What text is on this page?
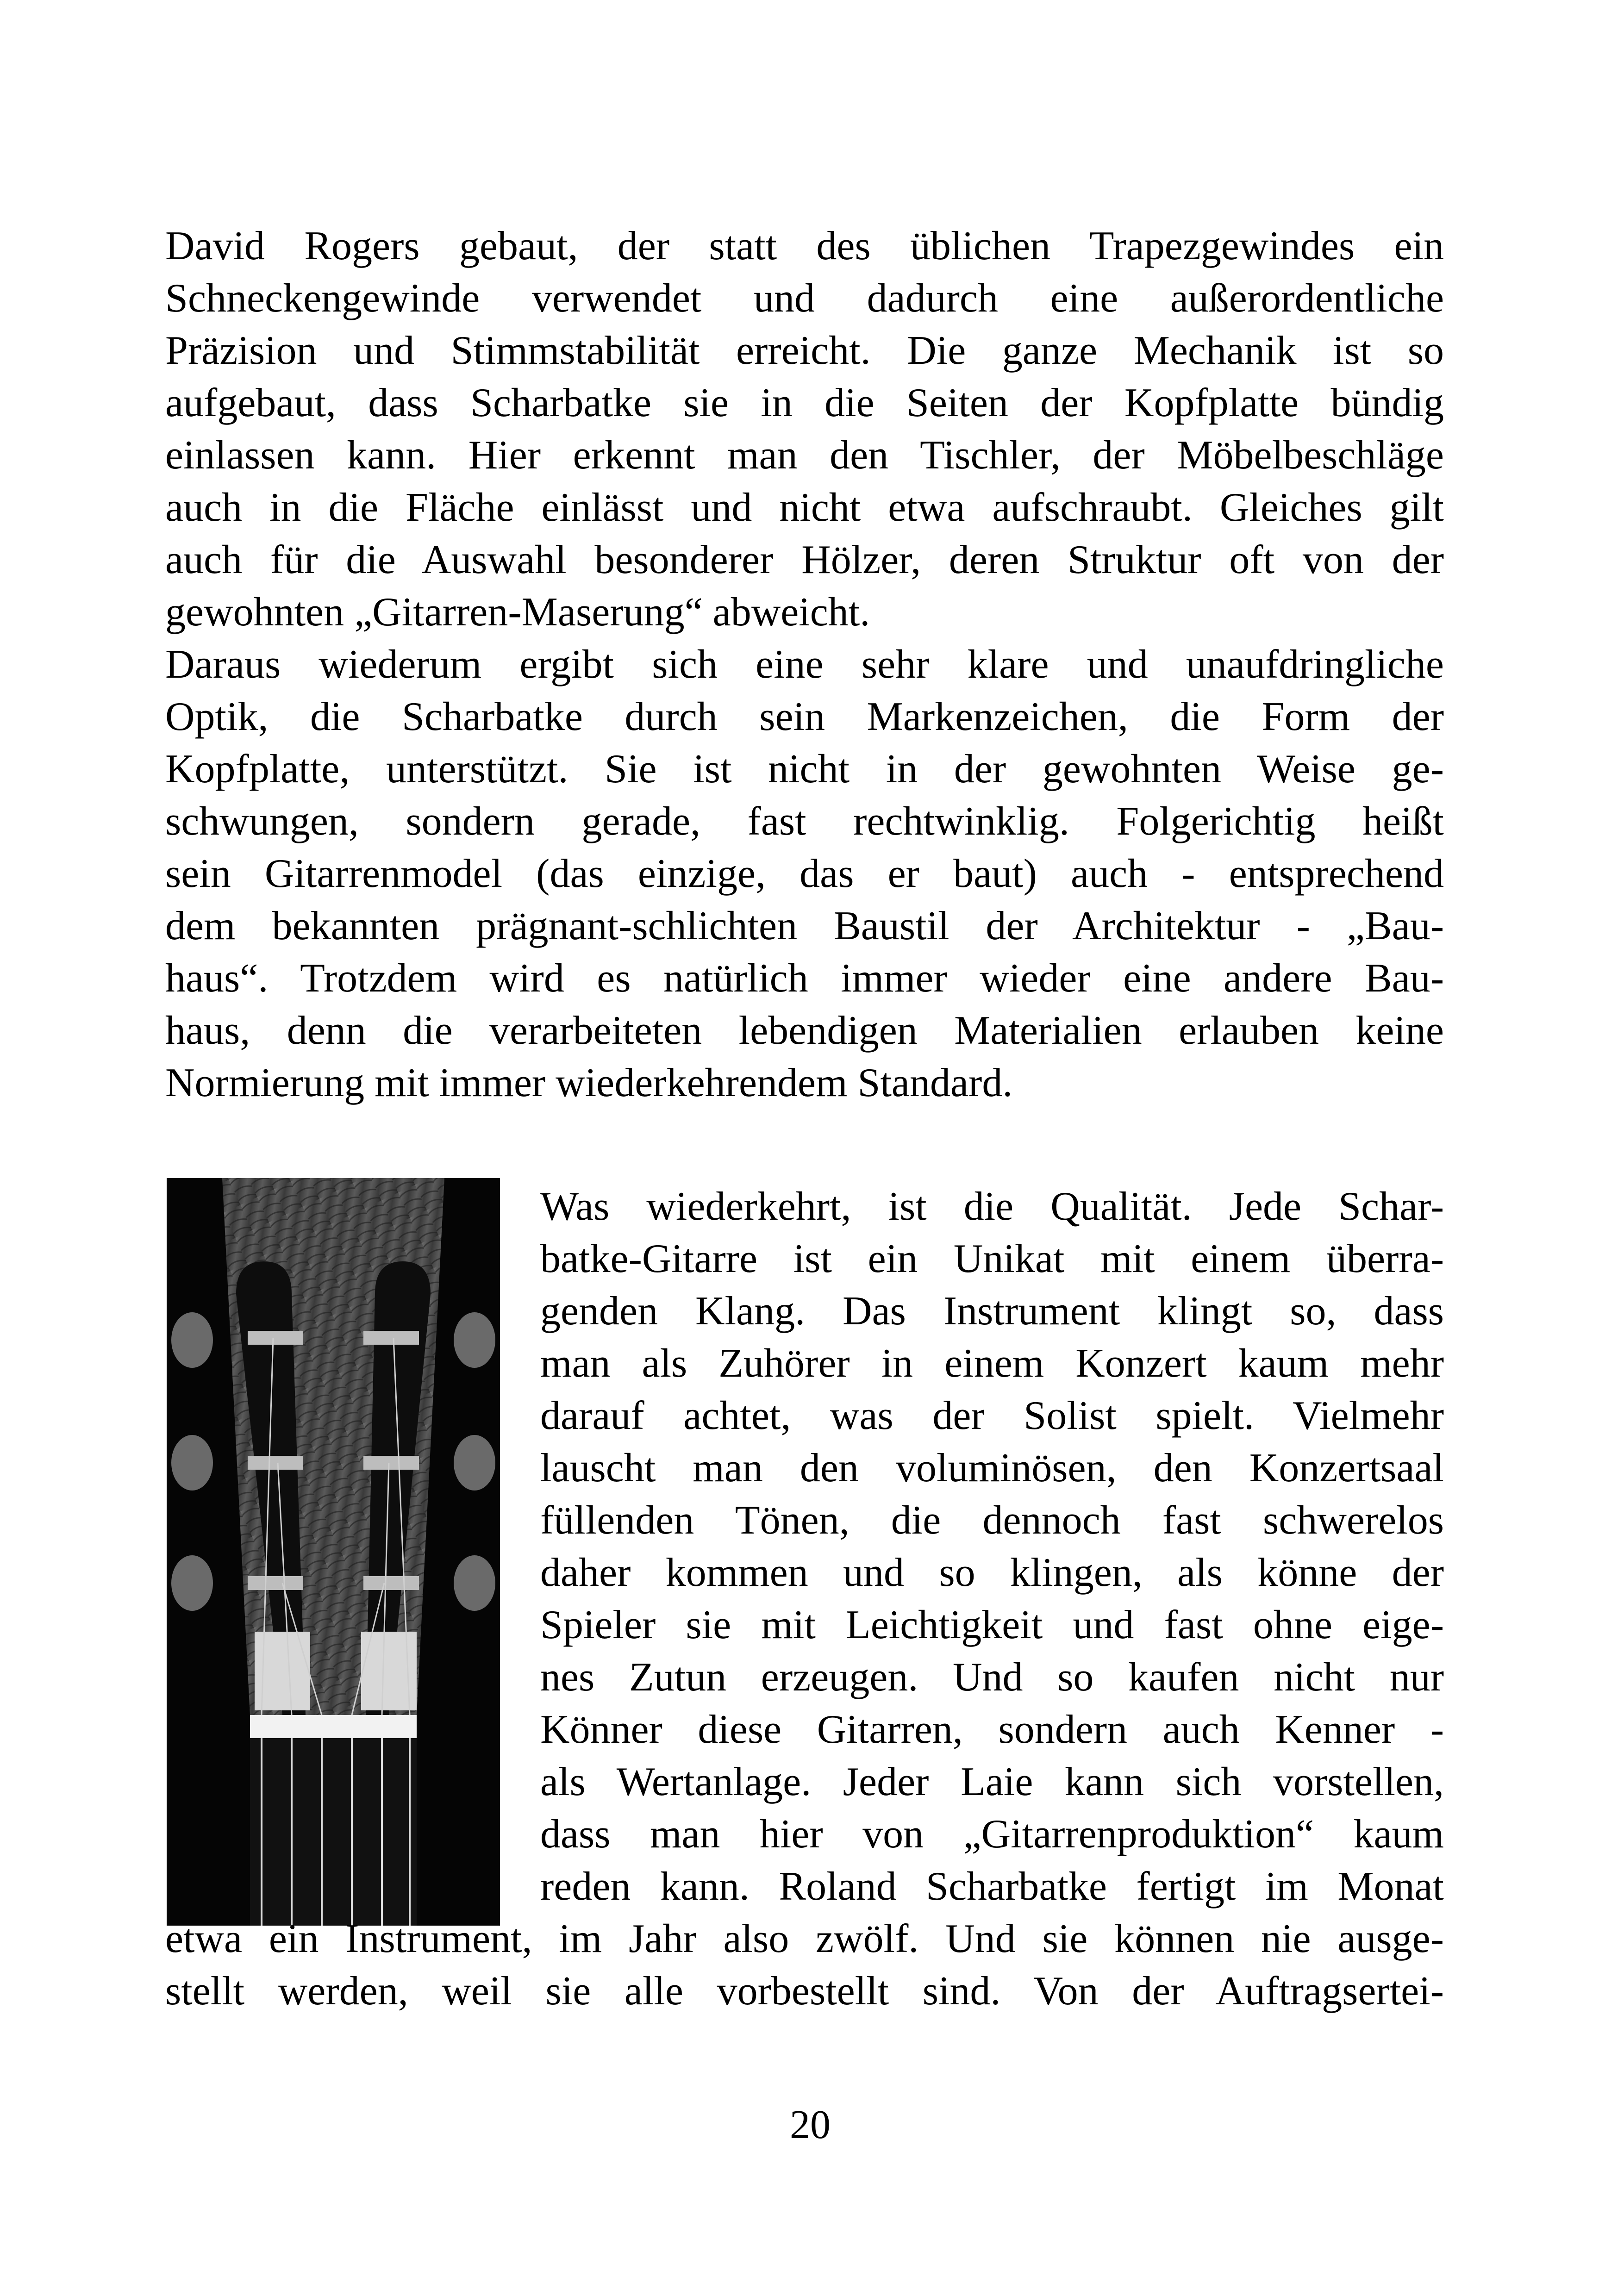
David Rogers gebaut, der statt des üblichen Trapezgewindes ein
Schneckengewinde verwendet und dadurch eine außerordentliche
Präzision und Stimmstabilität erreicht. Die ganze Mechanik ist so
aufgebaut, dass Scharbatke sie in die Seiten der Kopfplatte bündig
einlassen kann. Hier erkennt man den Tischler, der Möbelbeschläge
auch in die Fläche einlässt und nicht etwa aufschraubt. Gleiches gilt
auch für die Auswahl besonderer Hölzer, deren Struktur oft von der
gewohnten „Gitarren-Maserung“ abweicht.
Daraus wiederum ergibt sich eine sehr klare und unaufdringliche
Optik, die Scharbatke durch sein Markenzeichen, die Form der
Kopfplatte, unterstützt. Sie ist nicht in der gewohnten Weise ge-
schwungen, sondern gerade, fast rechtwinklig. Folgerichtig heißt
sein Gitarrenmodel (das einzige, das er baut) auch - entsprechend
dem bekannten prägnant-schlichten Baustil der Architektur - „Bau-
haus“. Trotzdem wird es natürlich immer wieder eine andere Bau-
haus, denn die verarbeiteten lebendigen Materialien erlauben keine
Normierung mit immer wiederkehrendem Standard.
Was wiederkehrt, ist die Qualität. Jede Schar-
batke-Gitarre ist ein Unikat mit einem überra-
genden Klang. Das Instrument klingt so, dass
man als Zuhörer in einem Konzert kaum mehr
darauf achtet, was der Solist spielt. Vielmehr
lauscht man den voluminösen, den Konzertsaal
füllenden Tönen, die dennoch fast schwerelos
daher kommen und so klingen, als könne der
Spieler sie mit Leichtigkeit und fast ohne eige-
nes Zutun erzeugen. Und so kaufen nicht nur
Könner diese Gitarren, sondern auch Kenner -
als Wertanlage. Jeder Laie kann sich vorstellen,
dass man hier von „Gitarrenproduktion“ kaum
reden kann. Roland Scharbatke fertigt im Monat
etwa ein Instrument, im Jahr also zwölf. Und sie können nie ausge-
stellt werden, weil sie alle vorbestellt sind. Von der Auftragsertei-
20
